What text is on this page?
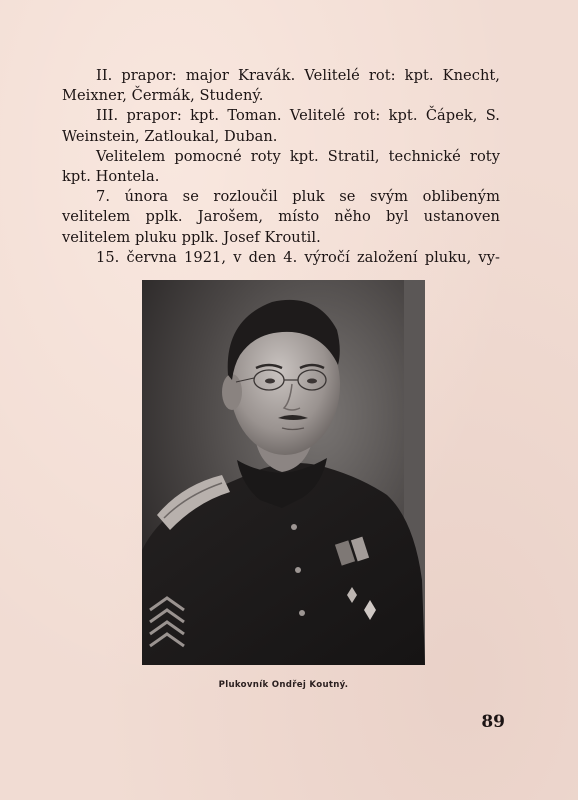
II. prapor: major Kravák. Velitelé rot: kpt. Knecht, Meixner, Čermák, Studený.

III. prapor: kpt. Toman. Velitelé rot: kpt. Čápek, S. Weinstein, Zatloukal, Duban.

Velitelem pomocné roty kpt. Stratil, technické roty kpt. Hontela.

7. února se rozloučil pluk se svým oblibeným velitelem pplk. Jarošem, místo něho byl ustanoven velitelem pluku pplk. Josef Kroutil.

15. června 1921, v den 4. výročí založení pluku, vy-

Plukovník Ondřej Koutný.
89
